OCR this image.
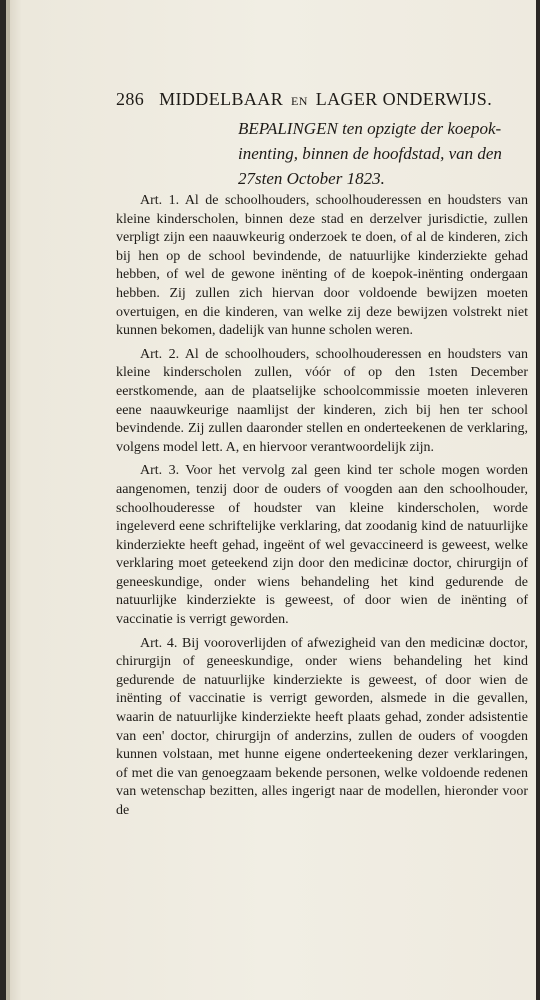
286 MIDDELBAAR EN LAGER ONDERWIJS.
BEPALINGEN ten opzigte der koepok-inenting, binnen de hoofdstad, van den 27sten October 1823.

Art. 1. Al de schoolhouders, schoolhouderessen en houdsters van kleine kinderscholen, binnen deze stad en derzelver jurisdictie, zullen verpligt zijn een naauwkeurig onderzoek te doen, of al de kinderen, zich bij hen op de school bevindende, de natuurlijke kinderziekte gehad hebben, of wel de gewone inënting of de koepok-inënting ondergaan hebben. Zij zullen zich hiervan door voldoende bewijzen moeten overtuigen, en die kinderen, van welke zij deze bewijzen volstrekt niet kunnen bekomen, dadelijk van hunne scholen weren.

Art. 2. Al de schoolhouders, schoolhouderessen en houdsters van kleine kinderscholen zullen, vóór of op den 1sten December eerstkomende, aan de plaatselijke schoolcommissie moeten inleveren eene naauwkeurige naamlijst der kinderen, zich bij hen ter school bevindende. Zij zullen daaronder stellen en onderteekenen de verklaring, volgens model lett. A, en hiervoor verantwoordelijk zijn.

Art. 3. Voor het vervolg zal geen kind ter schole mogen worden aangenomen, tenzij door de ouders of voogden aan den schoolhouder, schoolhouderesse of houdster van kleine kinderscholen, worde ingeleverd eene schriftelijke verklaring, dat zoodanig kind de natuurlijke kinderziekte heeft gehad, ingeënt of wel gevaccineerd is geweest, welke verklaring moet geteekend zijn door den medicinæ doctor, chirurgijn of geneeskundige, onder wiens behandeling het kind gedurende de natuurlijke kinderziekte is geweest, of door wien de inënting of vaccinatie is verrigt geworden.

Art. 4. Bij vooroverlijden of afwezigheid van den medicinæ doctor, chirurgijn of geneeskundige, onder wiens behandeling het kind gedurende de natuurlijke kinderziekte is geweest, of door wien de inënting of vaccinatie is verrigt geworden, alsmede in die gevallen, waarin de natuurlijke kinderziekte heeft plaats gehad, zonder adsistentie van een' doctor, chirurgijn of anderzins, zullen de ouders of voogden kunnen volstaan, met hunne eigene onderteekening dezer verklaringen, of met die van genoegzaam bekende personen, welke voldoende redenen van wetenschap bezitten, alles ingerigt naar de modellen, hieronder voor de
